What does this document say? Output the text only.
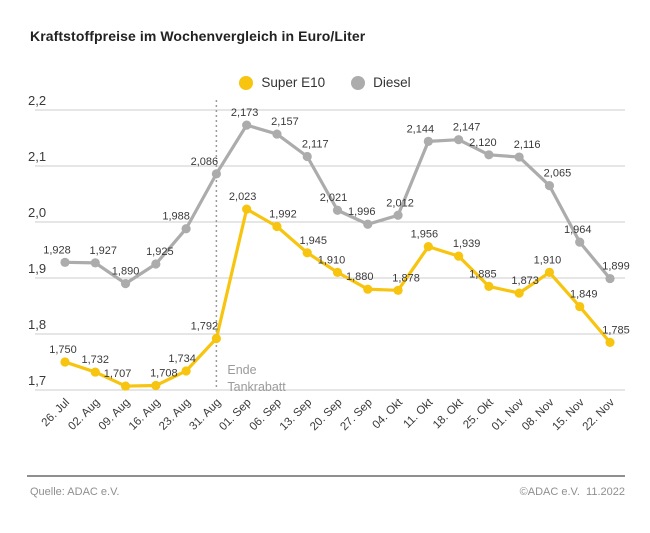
Kraftstoffpreise im Wochenvergleich in Euro/Liter
Super E10	Diesel
2,2
2,1
2,0
1,9
1,8
1,7
26. Jul
02. Aug
09. Aug
16. Aug
23. Aug
31. Aug
01. Sep
06. Sep
13. Sep
20. Sep
27. Sep
04. Okt
11. Okt
18. Okt
25. Okt
01. Nov
08. Nov
15. Nov
22. Nov
Ende
Tankrabatt
1,750
1,732
1,707 1,708
1,734
1,792
2,023
1,992
1,945
1,910
1,880 1,878
1,956
1,939
1,885
1,873
1,910
1,849
1,785
1,928 1,927
1,890
1,925
1,988
2,086
2,173
2,157
2,117
2,021
1,996
2,012
2,144 2,147
2,120 2,116
2,065
1,964
1,899
Quelle: ADAC e.V.	©ADAC e.V.  11.2022
